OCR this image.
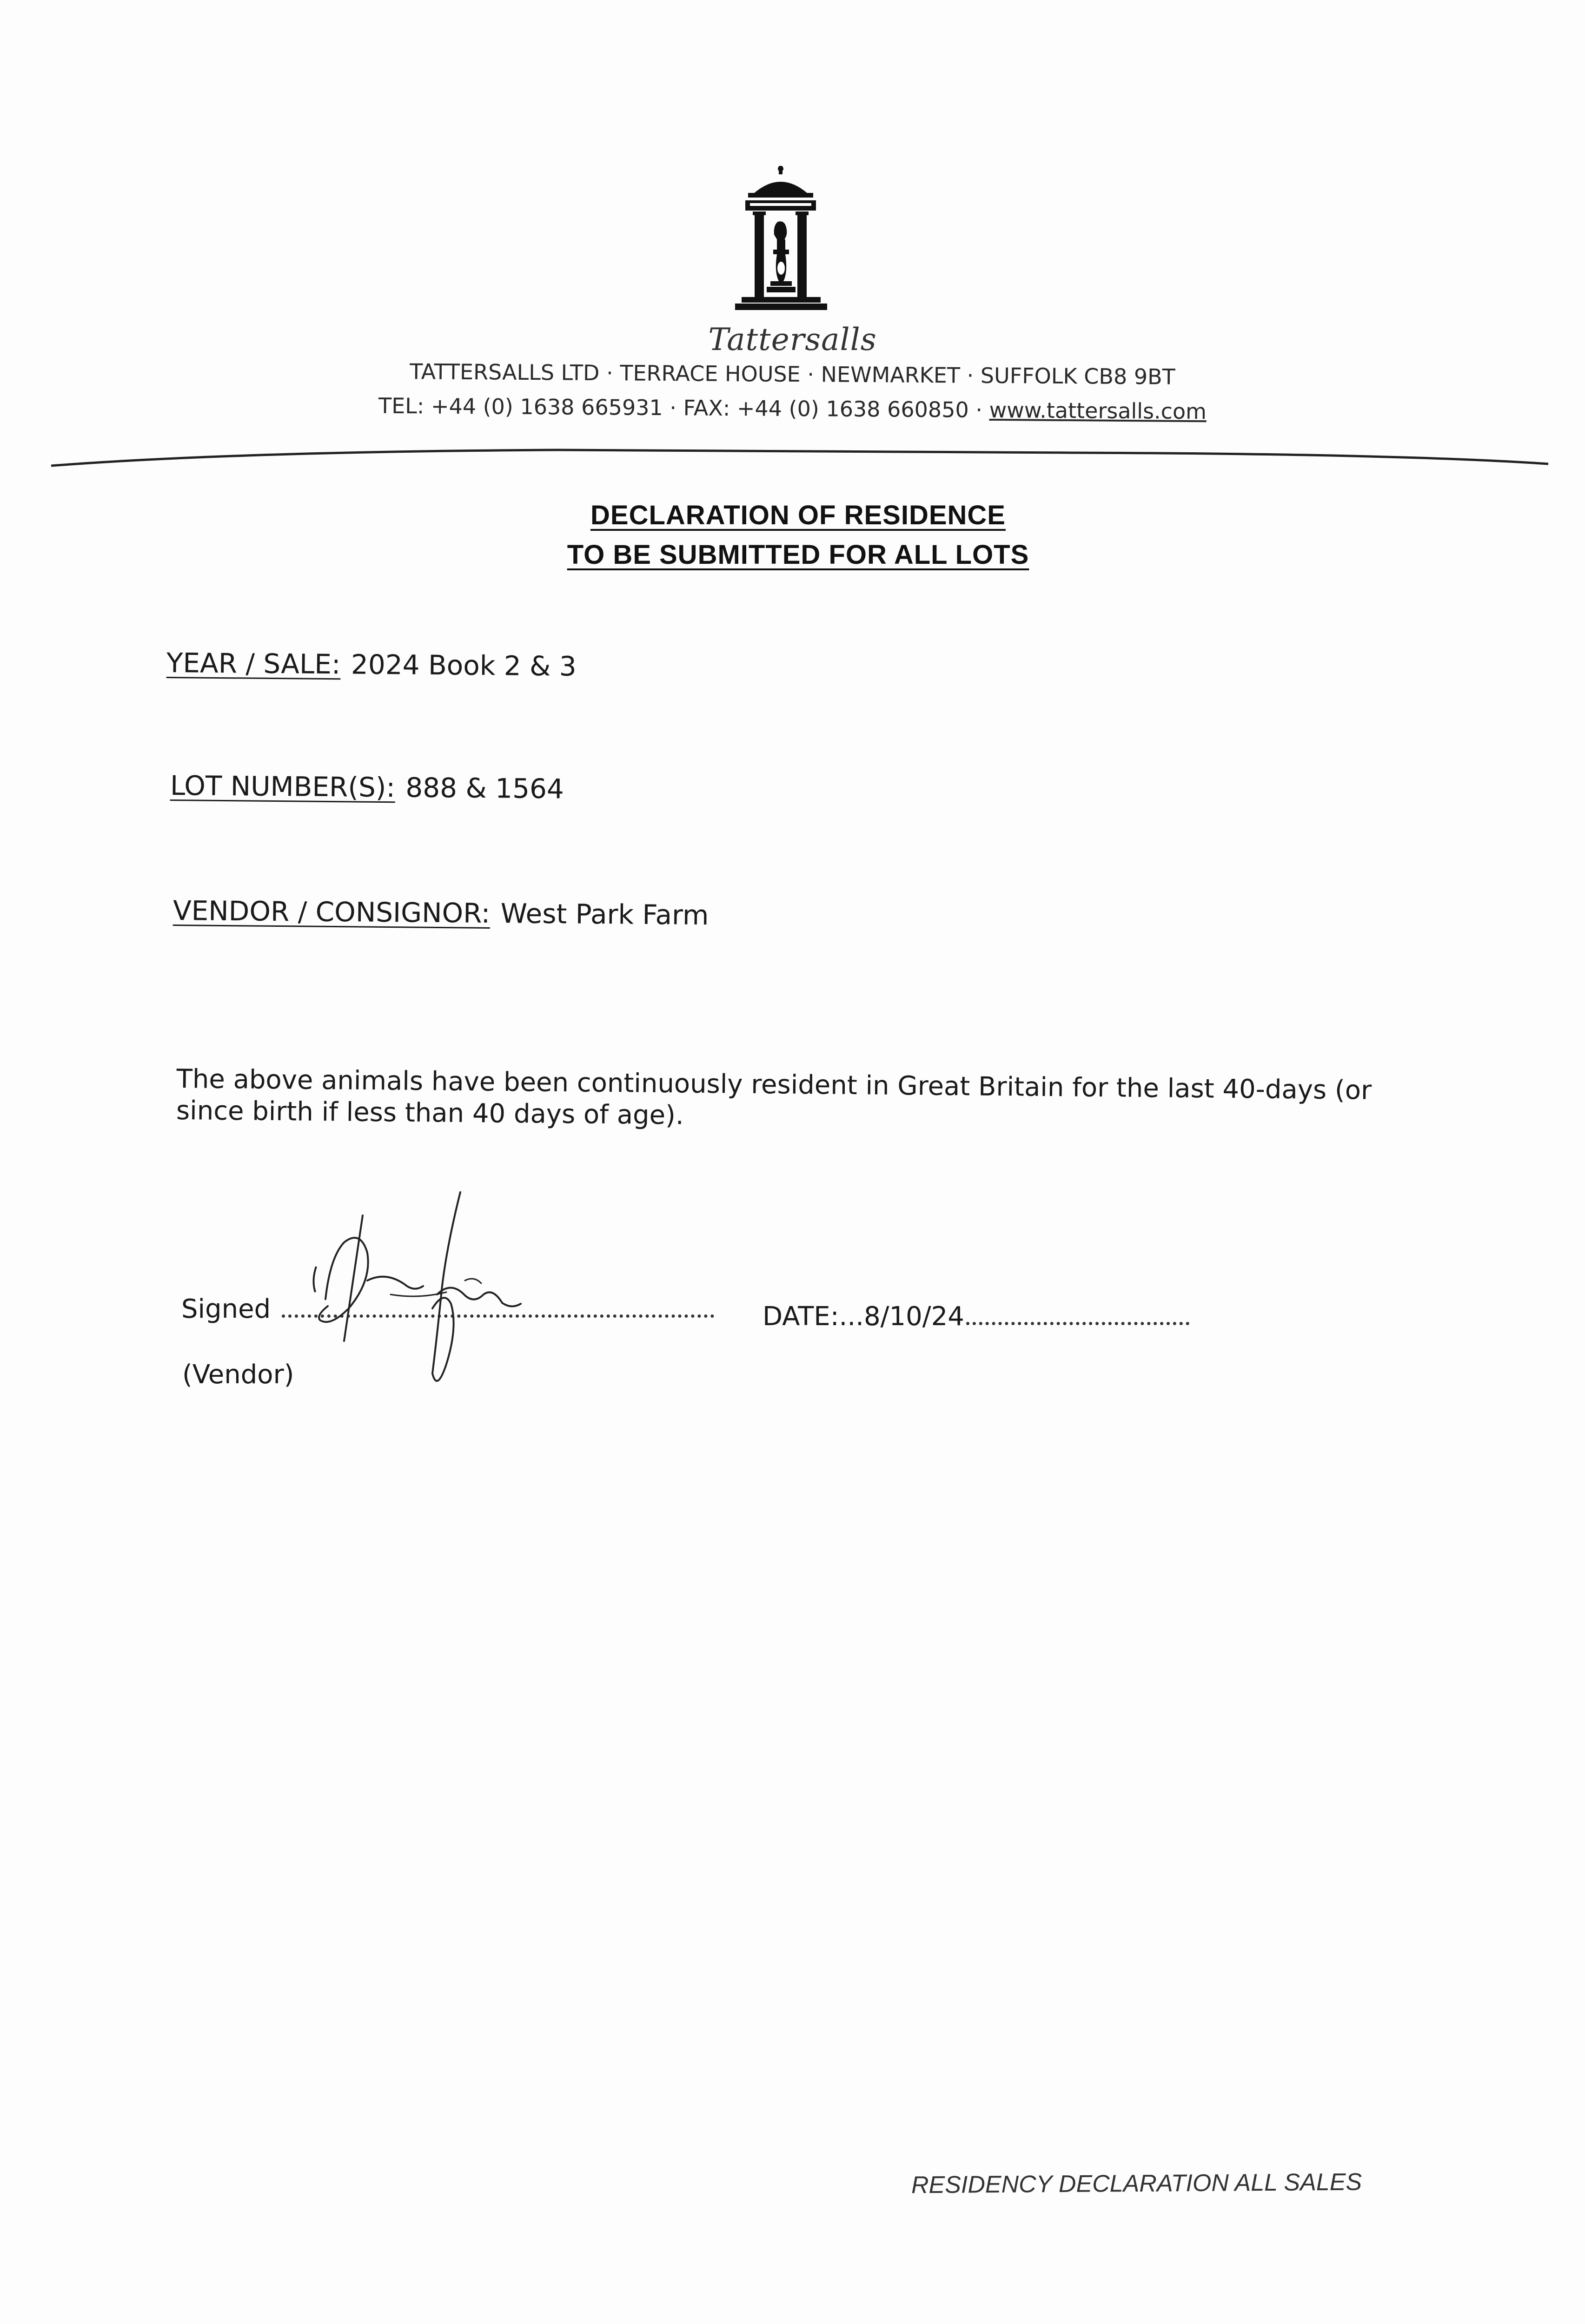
Tattersalls
TATTERSALLS LTD · TERRACE HOUSE · NEWMARKET · SUFFOLK CB8 9BT
TEL: +44 (0) 1638 665931 · FAX: +44 (0) 1638 660850 · www.tattersalls.com
DECLARATION OF RESIDENCE
TO BE SUBMITTED FOR ALL LOTS
YEAR / SALE: 2024 Book 2 & 3
LOT NUMBER(S): 888 & 1564
VENDOR / CONSIGNOR: West Park Farm
The above animals have been continuously resident in Great Britain for the last 40-days (or since birth if less than 40 days of age).
Signed
(Vendor)
DATE:...8/10/24
RESIDENCY DECLARATION ALL SALES
